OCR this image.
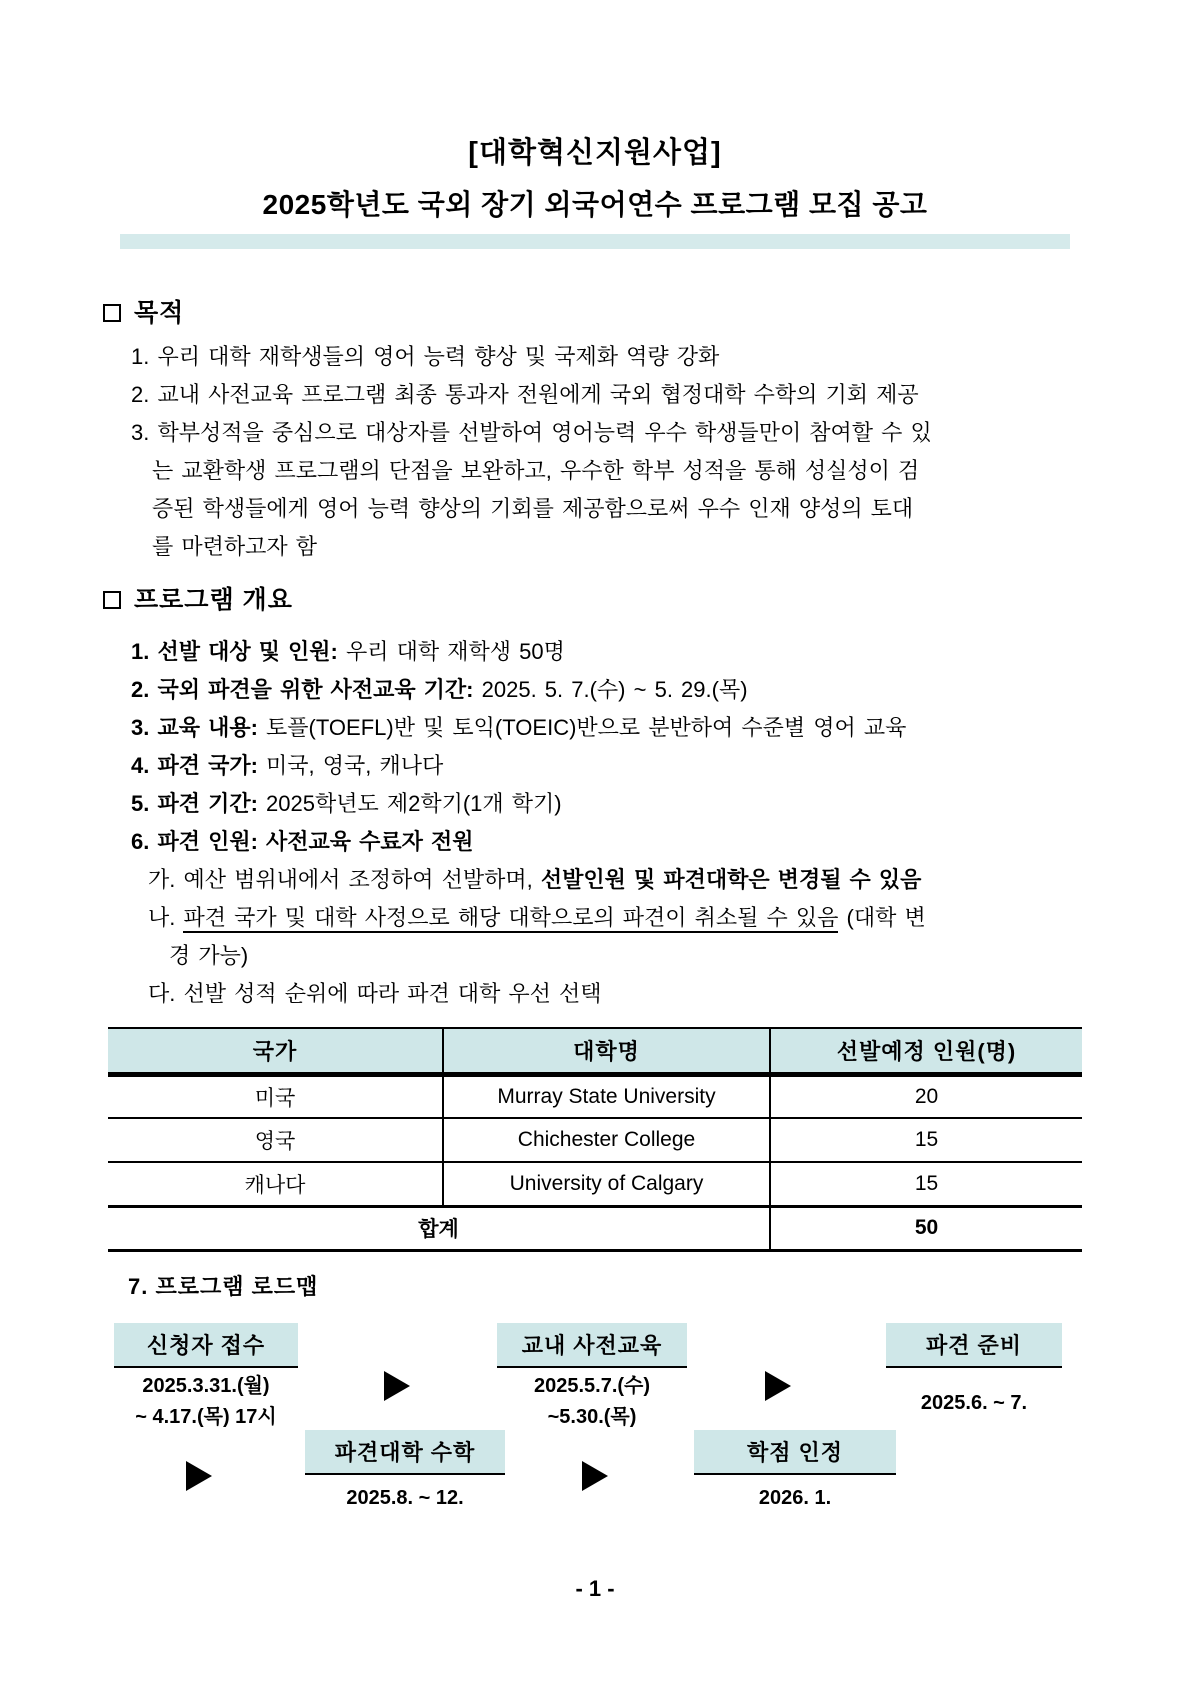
[대학혁신지원사업]
2025학년도 국외 장기 외국어연수 프로그램 모집 공고
목적
1. 우리 대학 재학생들의 영어 능력 향상 및 국제화 역량 강화
2. 교내 사전교육 프로그램 최종 통과자 전원에게 국외 협정대학 수학의 기회 제공
3. 학부성적을 중심으로 대상자를 선발하여 영어능력 우수 학생들만이 참여할 수 있
는 교환학생 프로그램의 단점을 보완하고, 우수한 학부 성적을 통해 성실성이 검
증된 학생들에게 영어 능력 향상의 기회를 제공함으로써 우수 인재 양성의 토대
를 마련하고자 함
프로그램 개요
1. 선발 대상 및 인원: 우리 대학 재학생 50명
2. 국외 파견을 위한 사전교육 기간: 2025. 5. 7.(수) ~ 5. 29.(목)
3. 교육 내용: 토플(TOEFL)반 및 토익(TOEIC)반으로 분반하여 수준별 영어 교육
4. 파견 국가: 미국, 영국, 캐나다
5. 파견 기간: 2025학년도 제2학기(1개 학기)
6. 파견 인원: 사전교육 수료자 전원
가. 예산 범위내에서 조정하여 선발하며, 선발인원 및 파견대학은 변경될 수 있음
나. 파견 국가 및 대학 사정으로 해당 대학으로의 파견이 취소될 수 있음 (대학 변
경 가능)
다. 선발 성적 순위에 따라 파견 대학 우선 선택
국가	대학명	선발예정 인원(명)
미국	Murray State University	20
영국	Chichester College	15
캐나다	University of Calgary	15
합계		50
7. 프로그램 로드맵
신청자 접수
2025.3.31.(월)
~ 4.17.(목) 17시
교내 사전교육
2025.5.7.(수)
~5.30.(목)
파견 준비
2025.6. ~ 7.
파견대학 수학
2025.8. ~ 12.
학점 인정
2026. 1.
- 1 -
